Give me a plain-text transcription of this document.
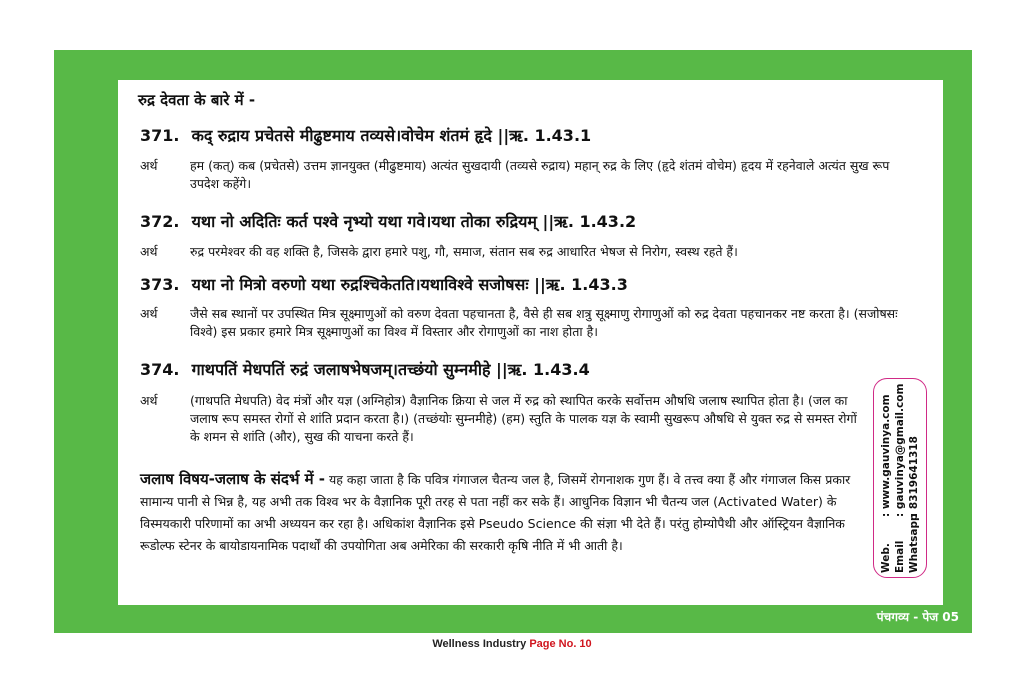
रुद्र देवता के बारे में -
371. कद् रुद्राय प्रचेतसे मीढुष्टमाय तव्यसे।वोचेम शंतमं हृदे ||ऋ. 1.43.1
अर्थ	हम (कत्) कब (प्रचेतसे) उत्तम ज्ञानयुक्त (मीढुष्टमाय) अत्यंत सुखदायी (तव्यसे रुद्राय) महान् रुद्र के लिए (हृदे शंतमं वोचेम) हृदय में रहनेवाले अत्यंत सुख रूप उपदेश कहेंगे।
372. यथा नो अदितिः कर्त पश्वे नृभ्यो यथा गवे।यथा तोका रुद्रियम् ||ऋ. 1.43.2
अर्थ	रुद्र परमेश्वर की वह शक्ति है, जिसके द्वारा हमारे पशु, गौ, समाज, संतान सब रुद्र आधारित भेषज से निरोग, स्वस्थ रहते हैं।
373. यथा नो मित्रो वरुणो यथा रुद्रश्चिकेतति।यथाविश्वे सजोषसः ||ऋ. 1.43.3
अर्थ	जैसे सब स्थानों पर उपस्थित मित्र सूक्ष्माणुओं को वरुण देवता पहचानता है, वैसे ही सब शत्रु सूक्ष्माणु रोगाणुओं को रुद्र देवता पहचानकर नष्ट करता है। (सजोषसः विश्वे) इस प्रकार हमारे मित्र सूक्ष्माणुओं का विश्व में विस्तार और रोगाणुओं का नाश होता है।
374. गाथपतिं मेधपतिं रुद्रं जलाषभेषजम्।तच्छंयो सुम्नमीहे ||ऋ. 1.43.4
अर्थ	(गाथपति मेधपति) वेद मंत्रों और यज्ञ (अग्निहोत्र) वैज्ञानिक क्रिया से जल में रुद्र को स्थापित करके सर्वोत्तम औषधि जलाष स्थापित होता है। (जल का जलाष रूप समस्त रोगों से शांति प्रदान करता है।) (तच्छंयोः सुम्नमीहे) (हम) स्तुति के पालक यज्ञ के स्वामी सुखरूप औषधि से युक्त रुद्र से समस्त रोगों के शमन से शांति (और), सुख की याचना करते हैं।
जलाष विषय-जलाष के संदर्भ में - यह कहा जाता है कि पवित्र गंगाजल चैतन्य जल है, जिसमें रोगनाशक गुण हैं। वे तत्त्व क्या हैं और गंगाजल किस प्रकार सामान्य पानी से भिन्न है, यह अभी तक विश्व भर के वैज्ञानिक पूरी तरह से पता नहीं कर सके हैं। आधुनिक विज्ञान भी चैतन्य जल (Activated Water) के विस्मयकारी परिणामों का अभी अध्ययन कर रहा है। अधिकांश वैज्ञानिक इसे Pseudo Science की संज्ञा भी देते हैं। परंतु होम्योपैथी और ऑस्ट्रियन वैज्ञानिक रूडोल्फ स्टेनर के बायोडायनामिक पदार्थों की उपयोगिता अब अमेरिका की सरकारी कृषि नीति में भी आती है।	Web.: www.gauvinya.com
Email: gauvinya@gmail.com
Whatsapp: 8319641318
पंचगव्य - पेज 05
Wellness Industry Page No. 10
